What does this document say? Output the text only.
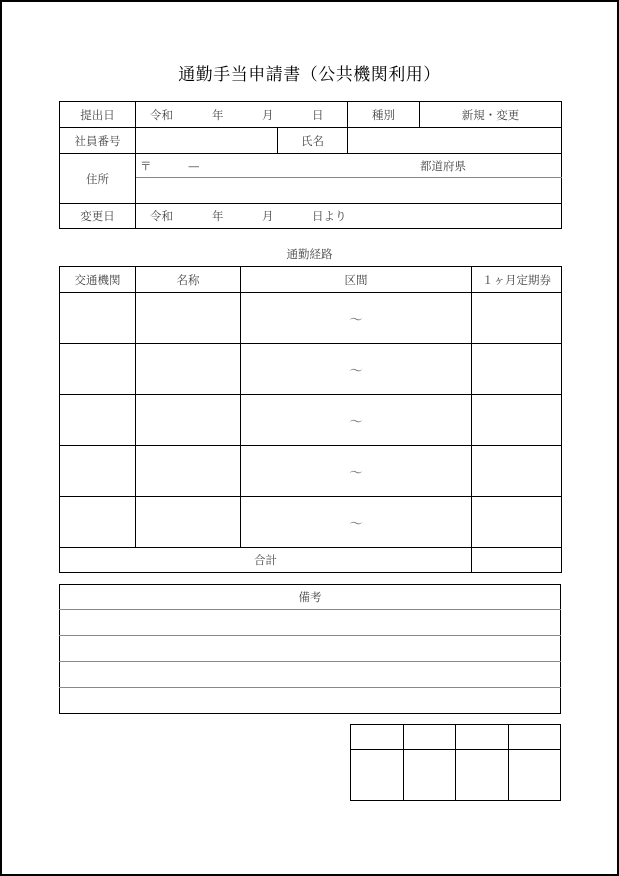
通勤手当申請書（公共機関利用）
提出日	令和 年 月 日		種別	新規・変更
社員番号		氏名		
住所	〒 — 都道府県			

変更日	令和 年 月 日より			
通勤経路
交通機関	名称	区間	１ヶ月定期券
		～	
		～	
		～	
		～	
		～	
合計			
備考
